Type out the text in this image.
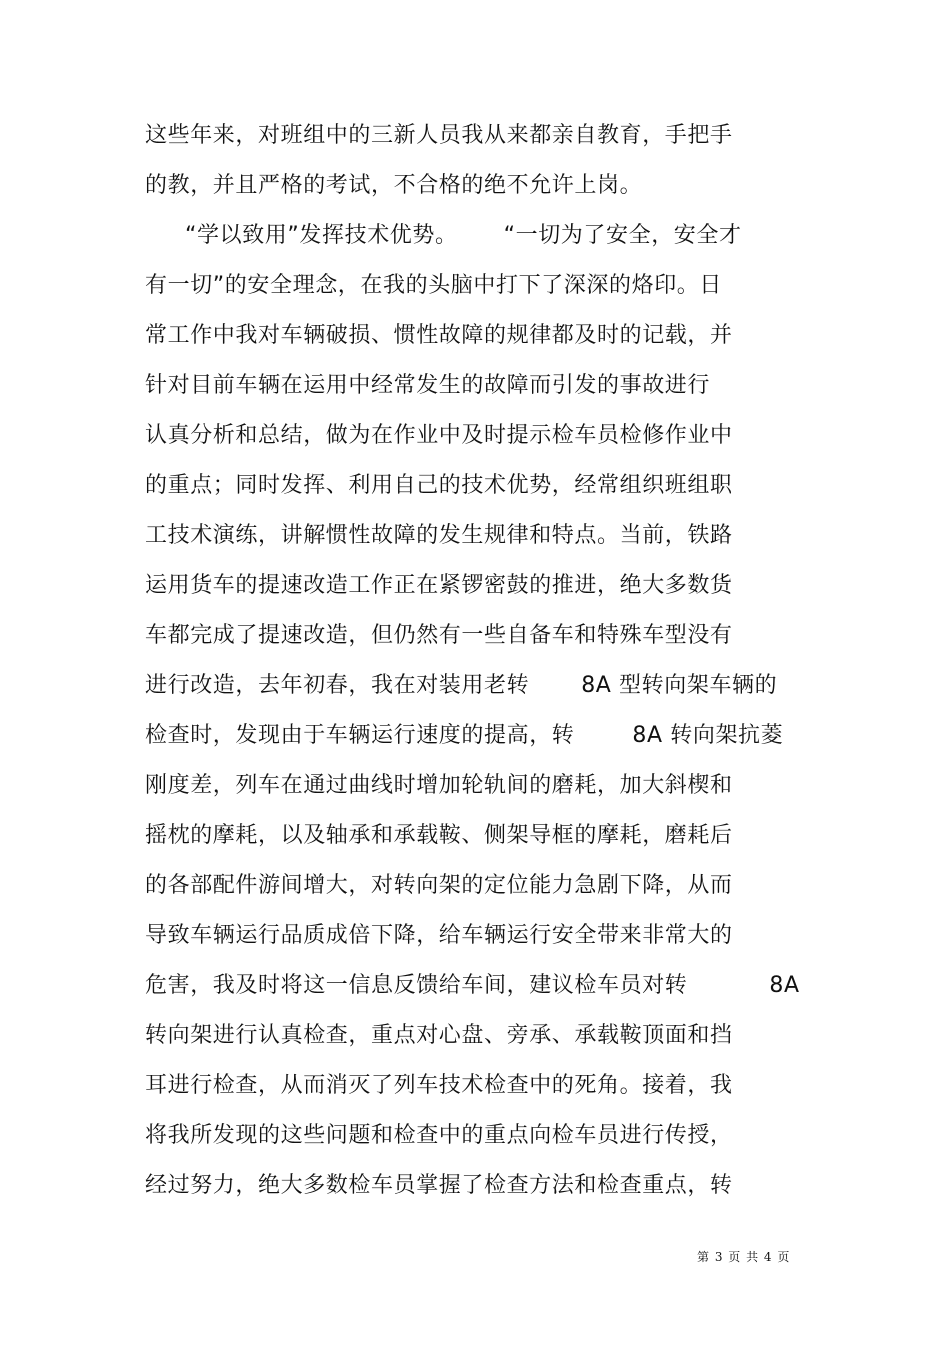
这些年来，对班组中的三新人员我从来都亲自教育，手把手
的教，并且严格的考试，不合格的绝不允许上岗。
“学以致用”发挥技术优势。 “一切为了安全，安全才
有一切”的安全理念，在我的头脑中打下了深深的烙印。日
常工作中我对车辆破损、惯性故障的规律都及时的记载，并
针对目前车辆在运用中经常发生的故障而引发的事故进行
认真分析和总结，做为在作业中及时提示检车员检修作业中
的重点；同时发挥、利用自己的技术优势，经常组织班组职
工技术演练，讲解惯性故障的发生规律和特点。当前，铁路
运用货车的提速改造工作正在紧锣密鼓的推进，绝大多数货
车都完成了提速改造，但仍然有一些自备车和特殊车型没有
进行改造，去年初春，我在对装用老转 8A 型转向架车辆的
检查时，发现由于车辆运行速度的提高，转	8A 转向架抗菱
刚度差，列车在通过曲线时增加轮轨间的磨耗，加大斜楔和
摇枕的摩耗，以及轴承和承载鞍、侧架导框的摩耗，磨耗后
的各部配件游间增大，对转向架的定位能力急剧下降，从而
导致车辆运行品质成倍下降，给车辆运行安全带来非常大的
危害，我及时将这一信息反馈给车间，建议检车员对转	8A
转向架进行认真检查，重点对心盘、旁承、承载鞍顶面和挡
耳进行检查，从而消灭了列车技术检查中的死角。接着，我
将我所发现的这些问题和检查中的重点向检车员进行传授，
经过努力，绝大多数检车员掌握了检查方法和检查重点，转
第 3 页 共 4 页
